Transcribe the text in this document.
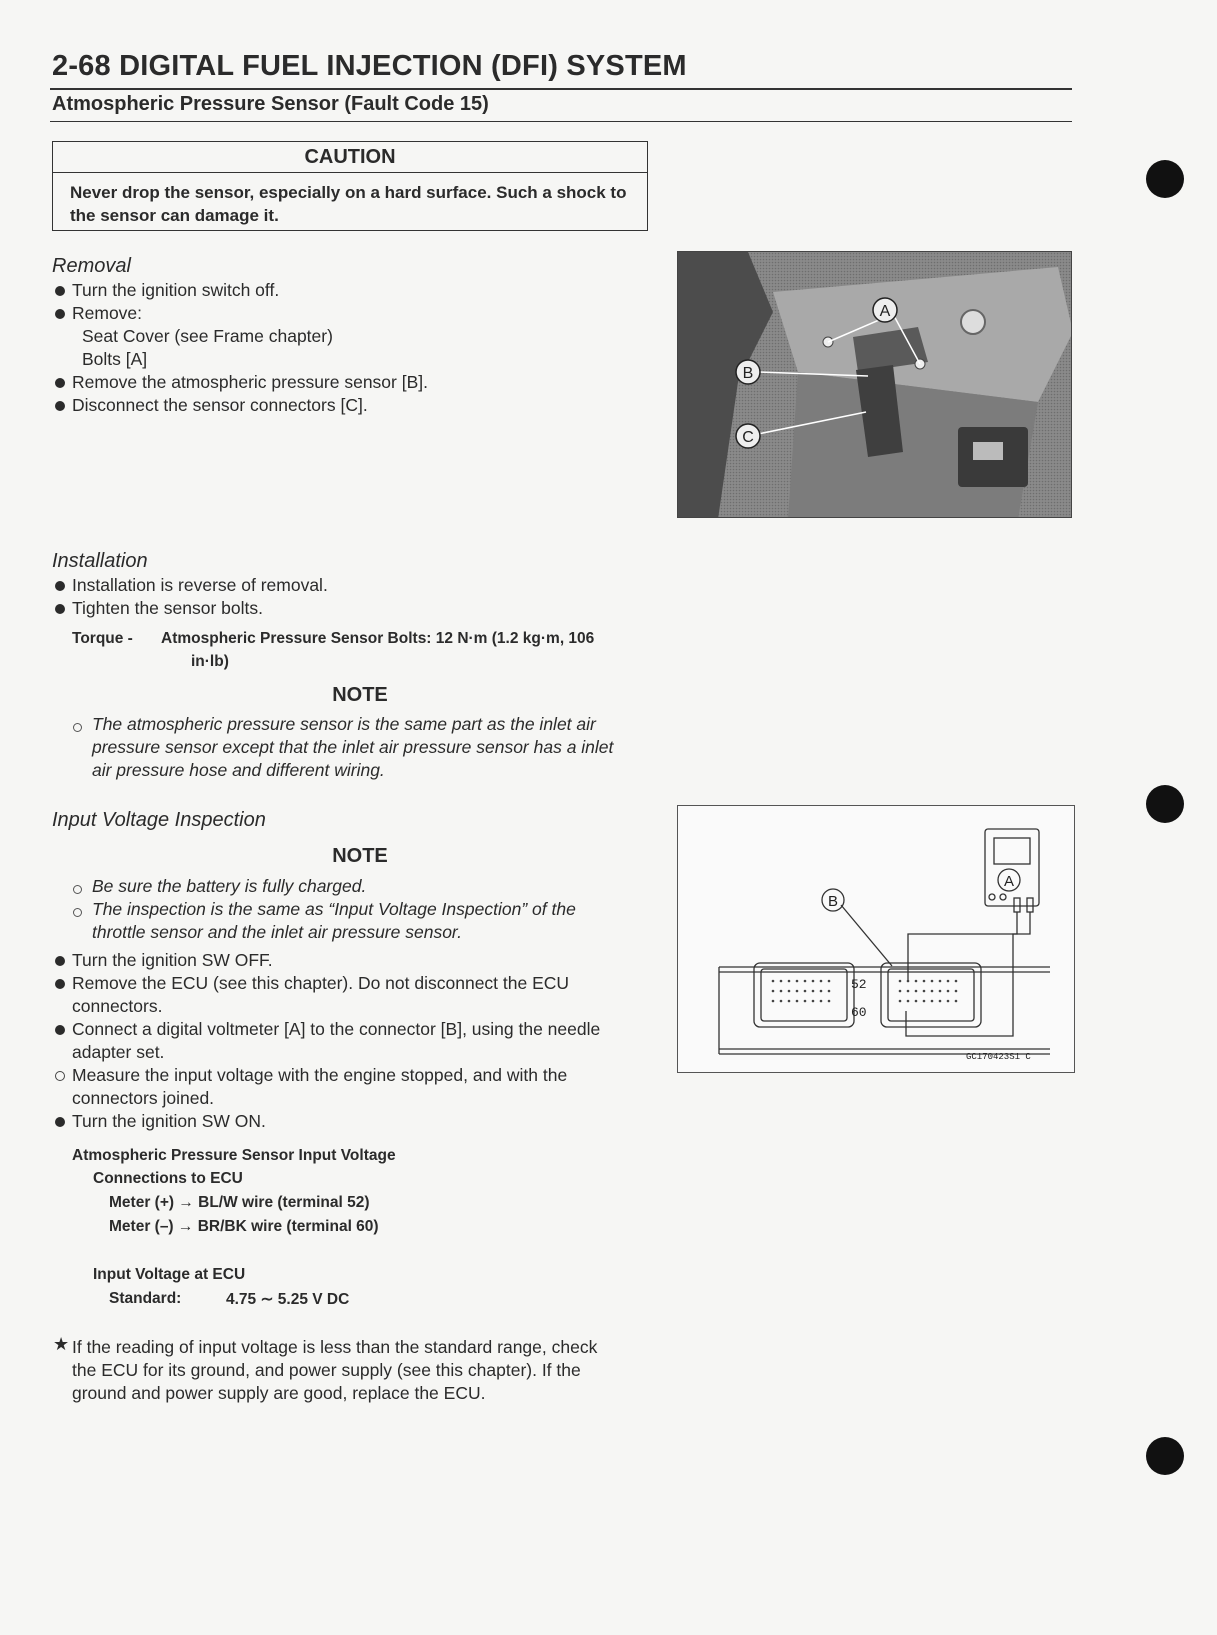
2-68 DIGITAL FUEL INJECTION (DFI) SYSTEM
Atmospheric Pressure Sensor (Fault Code 15)
CAUTION
Never drop the sensor, especially on a hard surface. Such a shock to the sensor can damage it.
Removal
Turn the ignition switch off.
Remove:
Seat Cover (see Frame chapter)
Bolts [A]
Remove the atmospheric pressure sensor [B].
Disconnect the sensor connectors [C].
A
B
C
Installation
Installation is reverse of removal.
Tighten the sensor bolts.
Torque - Atmospheric Pressure Sensor Bolts: 12 N·m (1.2 kg·m, 106
in·lb)
NOTE
The atmospheric pressure sensor is the same part as the inlet air
pressure sensor except that the inlet air pressure sensor has a inlet
air pressure hose and different wiring.
Input Voltage Inspection
NOTE
Be sure the battery is fully charged.
The inspection is the same as “Input Voltage Inspection” of the
throttle sensor and the inlet air pressure sensor.
Turn the ignition SW OFF.
Remove the ECU (see this chapter). Do not disconnect the ECU
connectors.
Connect a digital voltmeter [A] to the connector [B], using the needle
adapter set.
Measure the input voltage with the engine stopped, and with the
connectors joined.
Turn the ignition SW ON.
Atmospheric Pressure Sensor Input Voltage
Connections to ECU
Meter (+) → BL/W wire (terminal 52)
Meter (–) → BR/BK wire (terminal 60)
Input Voltage at ECU
Standard:	4.75 ∼ 5.25 V DC
★ If the reading of input voltage is less than the standard range, check
the ECU for its ground, and power supply (see this chapter). If the
ground and power supply are good, replace the ECU.
A
B
52
60
GC170423S1 C
